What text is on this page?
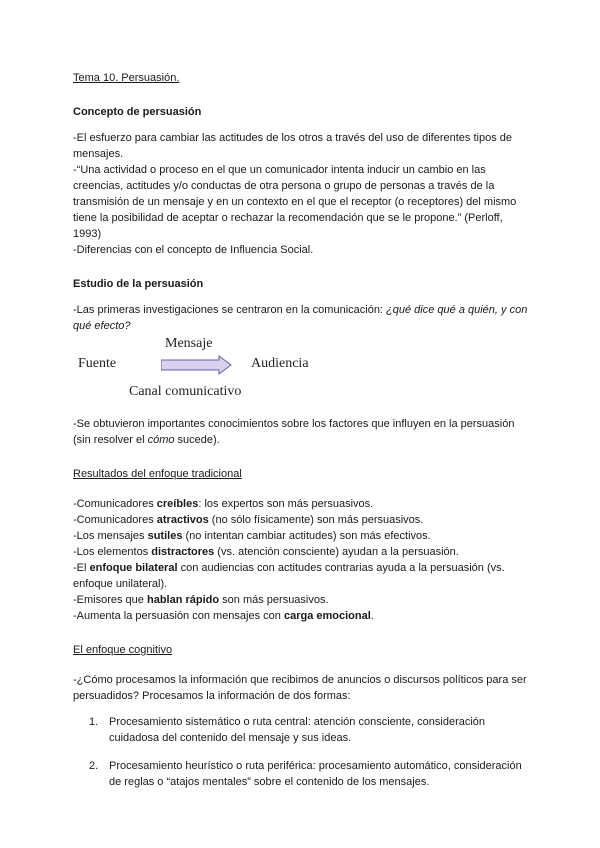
Tema 10. Persuasión.

Concepto de persuasión

-El esfuerzo para cambiar las actitudes de los otros a través del uso de diferentes tipos de mensajes.

-“Una actividad o proceso en el que un comunicador intenta inducir un cambio en las creencias, actitudes y/o conductas de otra persona o grupo de personas a través de la transmisión de un mensaje y en un contexto en el que el receptor (o receptores) del mismo tiene la posibilidad de aceptar o rechazar la recomendación que se le propone.” (Perloff, 1993)

-Diferencias con el concepto de Influencia Social.

Estudio de la persuasión

-Las primeras investigaciones se centraron en la comunicación: ¿qué dice qué a quién, y con qué efecto?

Fuente
Mensaje
Audiencia
Canal comunicativo

-Se obtuvieron importantes conocimientos sobre los factores que influyen en la persuasión (sin resolver el cómo sucede).

Resultados del enfoque tradicional

-Comunicadores creíbles: los expertos son más persuasivos.

-Comunicadores atractivos (no sólo físicamente) son más persuasivos.

-Los mensajes sutiles (no intentan cambiar actitudes) son más efectivos.

-Los elementos distractores (vs. atención consciente) ayudan a la persuasión.

-El enfoque bilateral con audiencias con actitudes contrarias ayuda a la persuasión (vs. enfoque unilateral).

-Emisores que hablan rápido son más persuasivos.

-Aumenta la persuasión con mensajes con carga emocional.

El enfoque cognitivo

-¿Cómo procesamos la información que recibimos de anuncios o discursos políticos para ser persuadidos? Procesamos la información de dos formas:

1. Procesamiento sistemático o ruta central: atención consciente, consideración cuidadosa del contenido del mensaje y sus ideas.
2. Procesamiento heurístico o ruta periférica: procesamiento automático, consideración de reglas o “atajos mentales” sobre el contenido de los mensajes.
